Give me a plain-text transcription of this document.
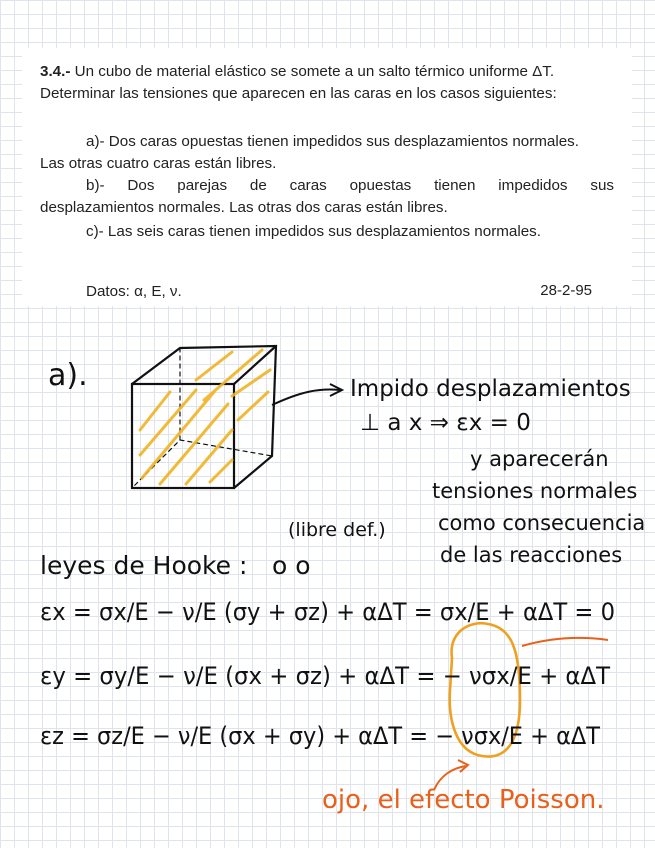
3.4.- Un cubo de material elástico se somete a un salto térmico uniforme ΔT.
Determinar las tensiones que aparecen en las caras en los casos siguientes:
a)- Dos caras opuestas tienen impedidos sus desplazamientos normales.
Las otras cuatro caras están libres.
b)- Dos parejas de caras opuestas tienen impedidos sus
desplazamientos normales. Las otras dos caras están libres.
c)- Las seis caras tienen impedidos sus desplazamientos normales.
Datos: α, E, ν.	28-2-95
a).	Impido desplazamientos
⊥ a x ⇒ εx = 0
y aparecerán
tensiones normales
como consecuencia
de las reacciones
(libre def.)
leyes de Hooke : o o
εx = σx/E − ν/E (σy + σz) + αΔT = σx/E + αΔT = 0
εy = σy/E − ν/E (σx + σz) + αΔT = − νσx/E + αΔT
εz = σz/E − ν/E (σx + σy) + αΔT = − νσx/E + αΔT
ojo, el efecto Poisson.
